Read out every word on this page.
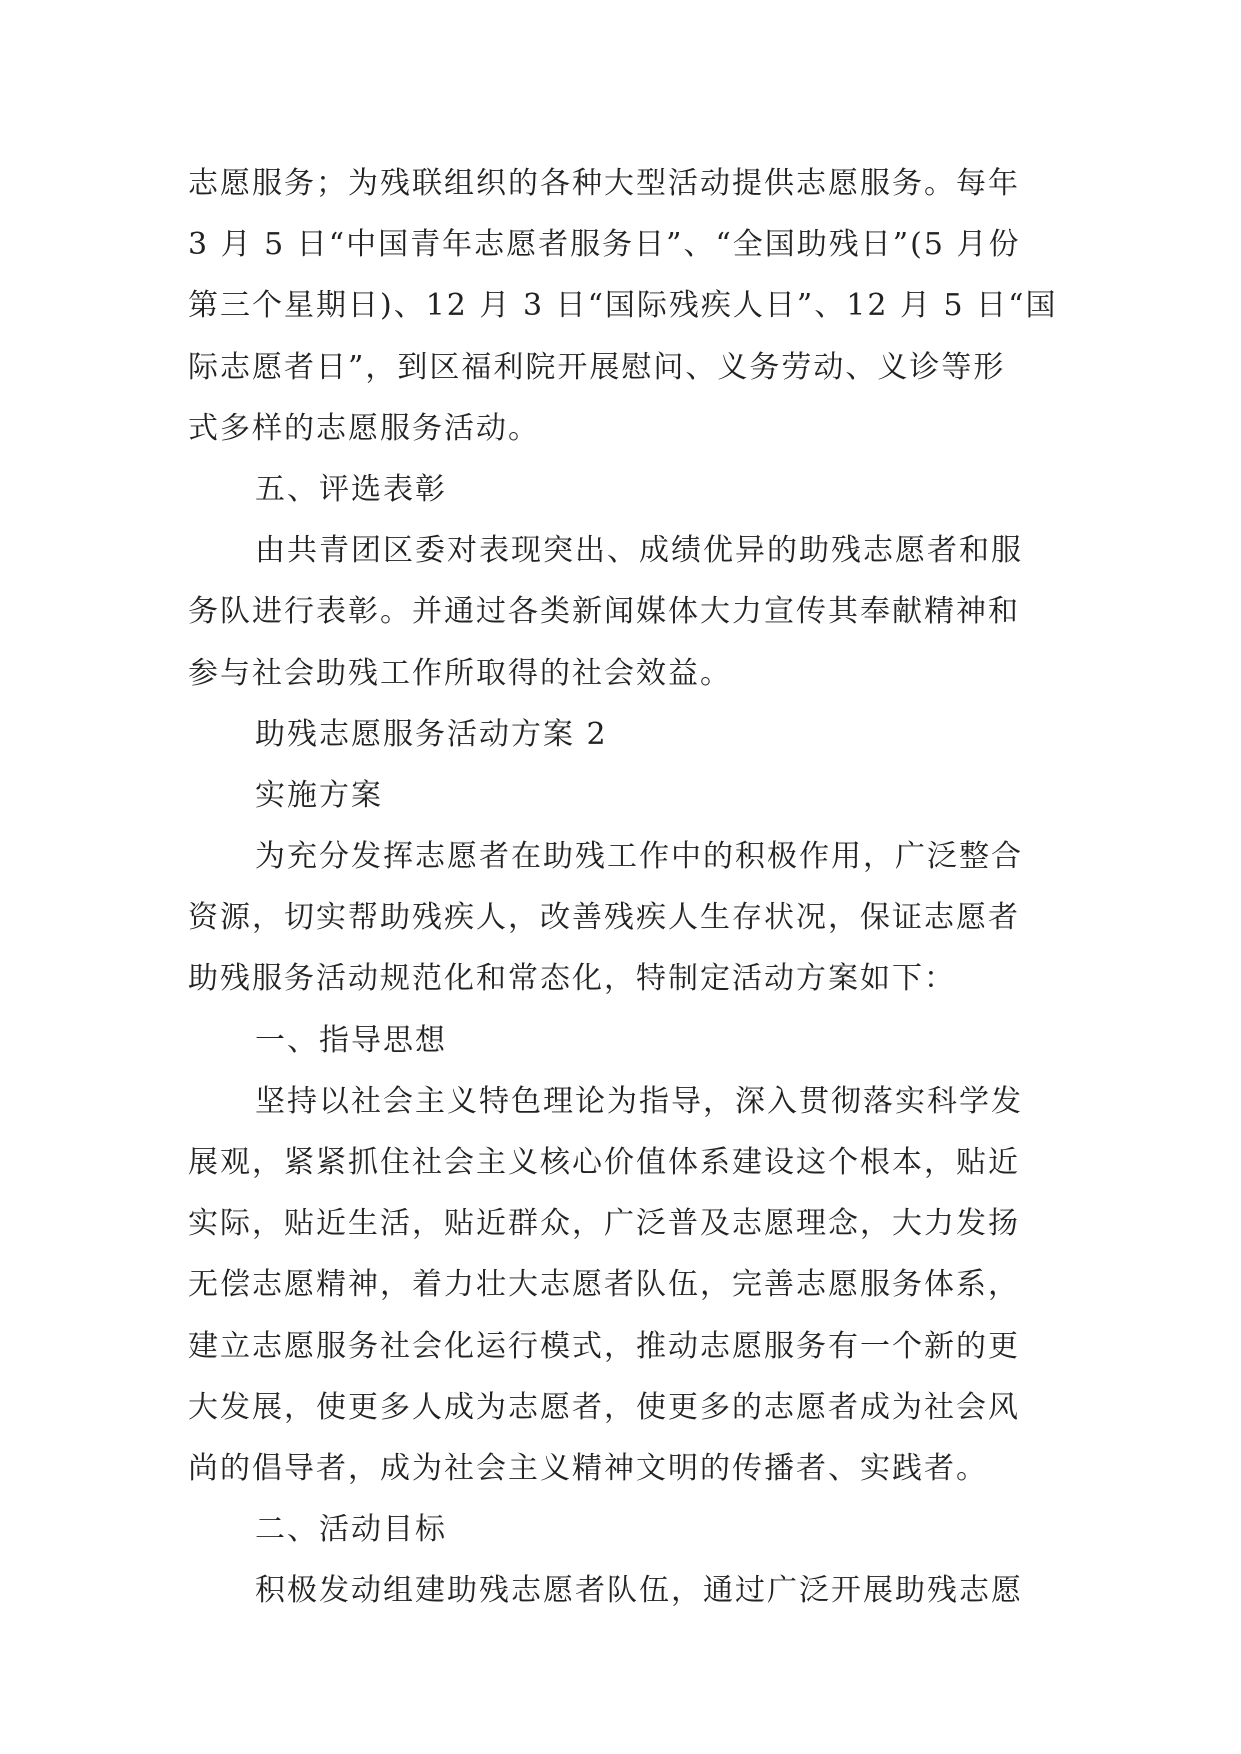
志愿服务；为残联组织的各种大型活动提供志愿服务。每年
3 月 5 日“中国青年志愿者服务日”、“全国助残日”(5 月份
第三个星期日)、12 月 3 日“国际残疾人日”、12 月 5 日“国
际志愿者日”，到区福利院开展慰问、义务劳动、义诊等形
式多样的志愿服务活动。
五、评选表彰
由共青团区委对表现突出、成绩优异的助残志愿者和服
务队进行表彰。并通过各类新闻媒体大力宣传其奉献精神和
参与社会助残工作所取得的社会效益。
助残志愿服务活动方案 2
实施方案
为充分发挥志愿者在助残工作中的积极作用，广泛整合
资源，切实帮助残疾人，改善残疾人生存状况，保证志愿者
助残服务活动规范化和常态化，特制定活动方案如下：
一、指导思想
坚持以社会主义特色理论为指导，深入贯彻落实科学发
展观，紧紧抓住社会主义核心价值体系建设这个根本，贴近
实际，贴近生活，贴近群众，广泛普及志愿理念，大力发扬
无偿志愿精神，着力壮大志愿者队伍，完善志愿服务体系，
建立志愿服务社会化运行模式，推动志愿服务有一个新的更
大发展，使更多人成为志愿者，使更多的志愿者成为社会风
尚的倡导者，成为社会主义精神文明的传播者、实践者。
二、活动目标
积极发动组建助残志愿者队伍，通过广泛开展助残志愿
